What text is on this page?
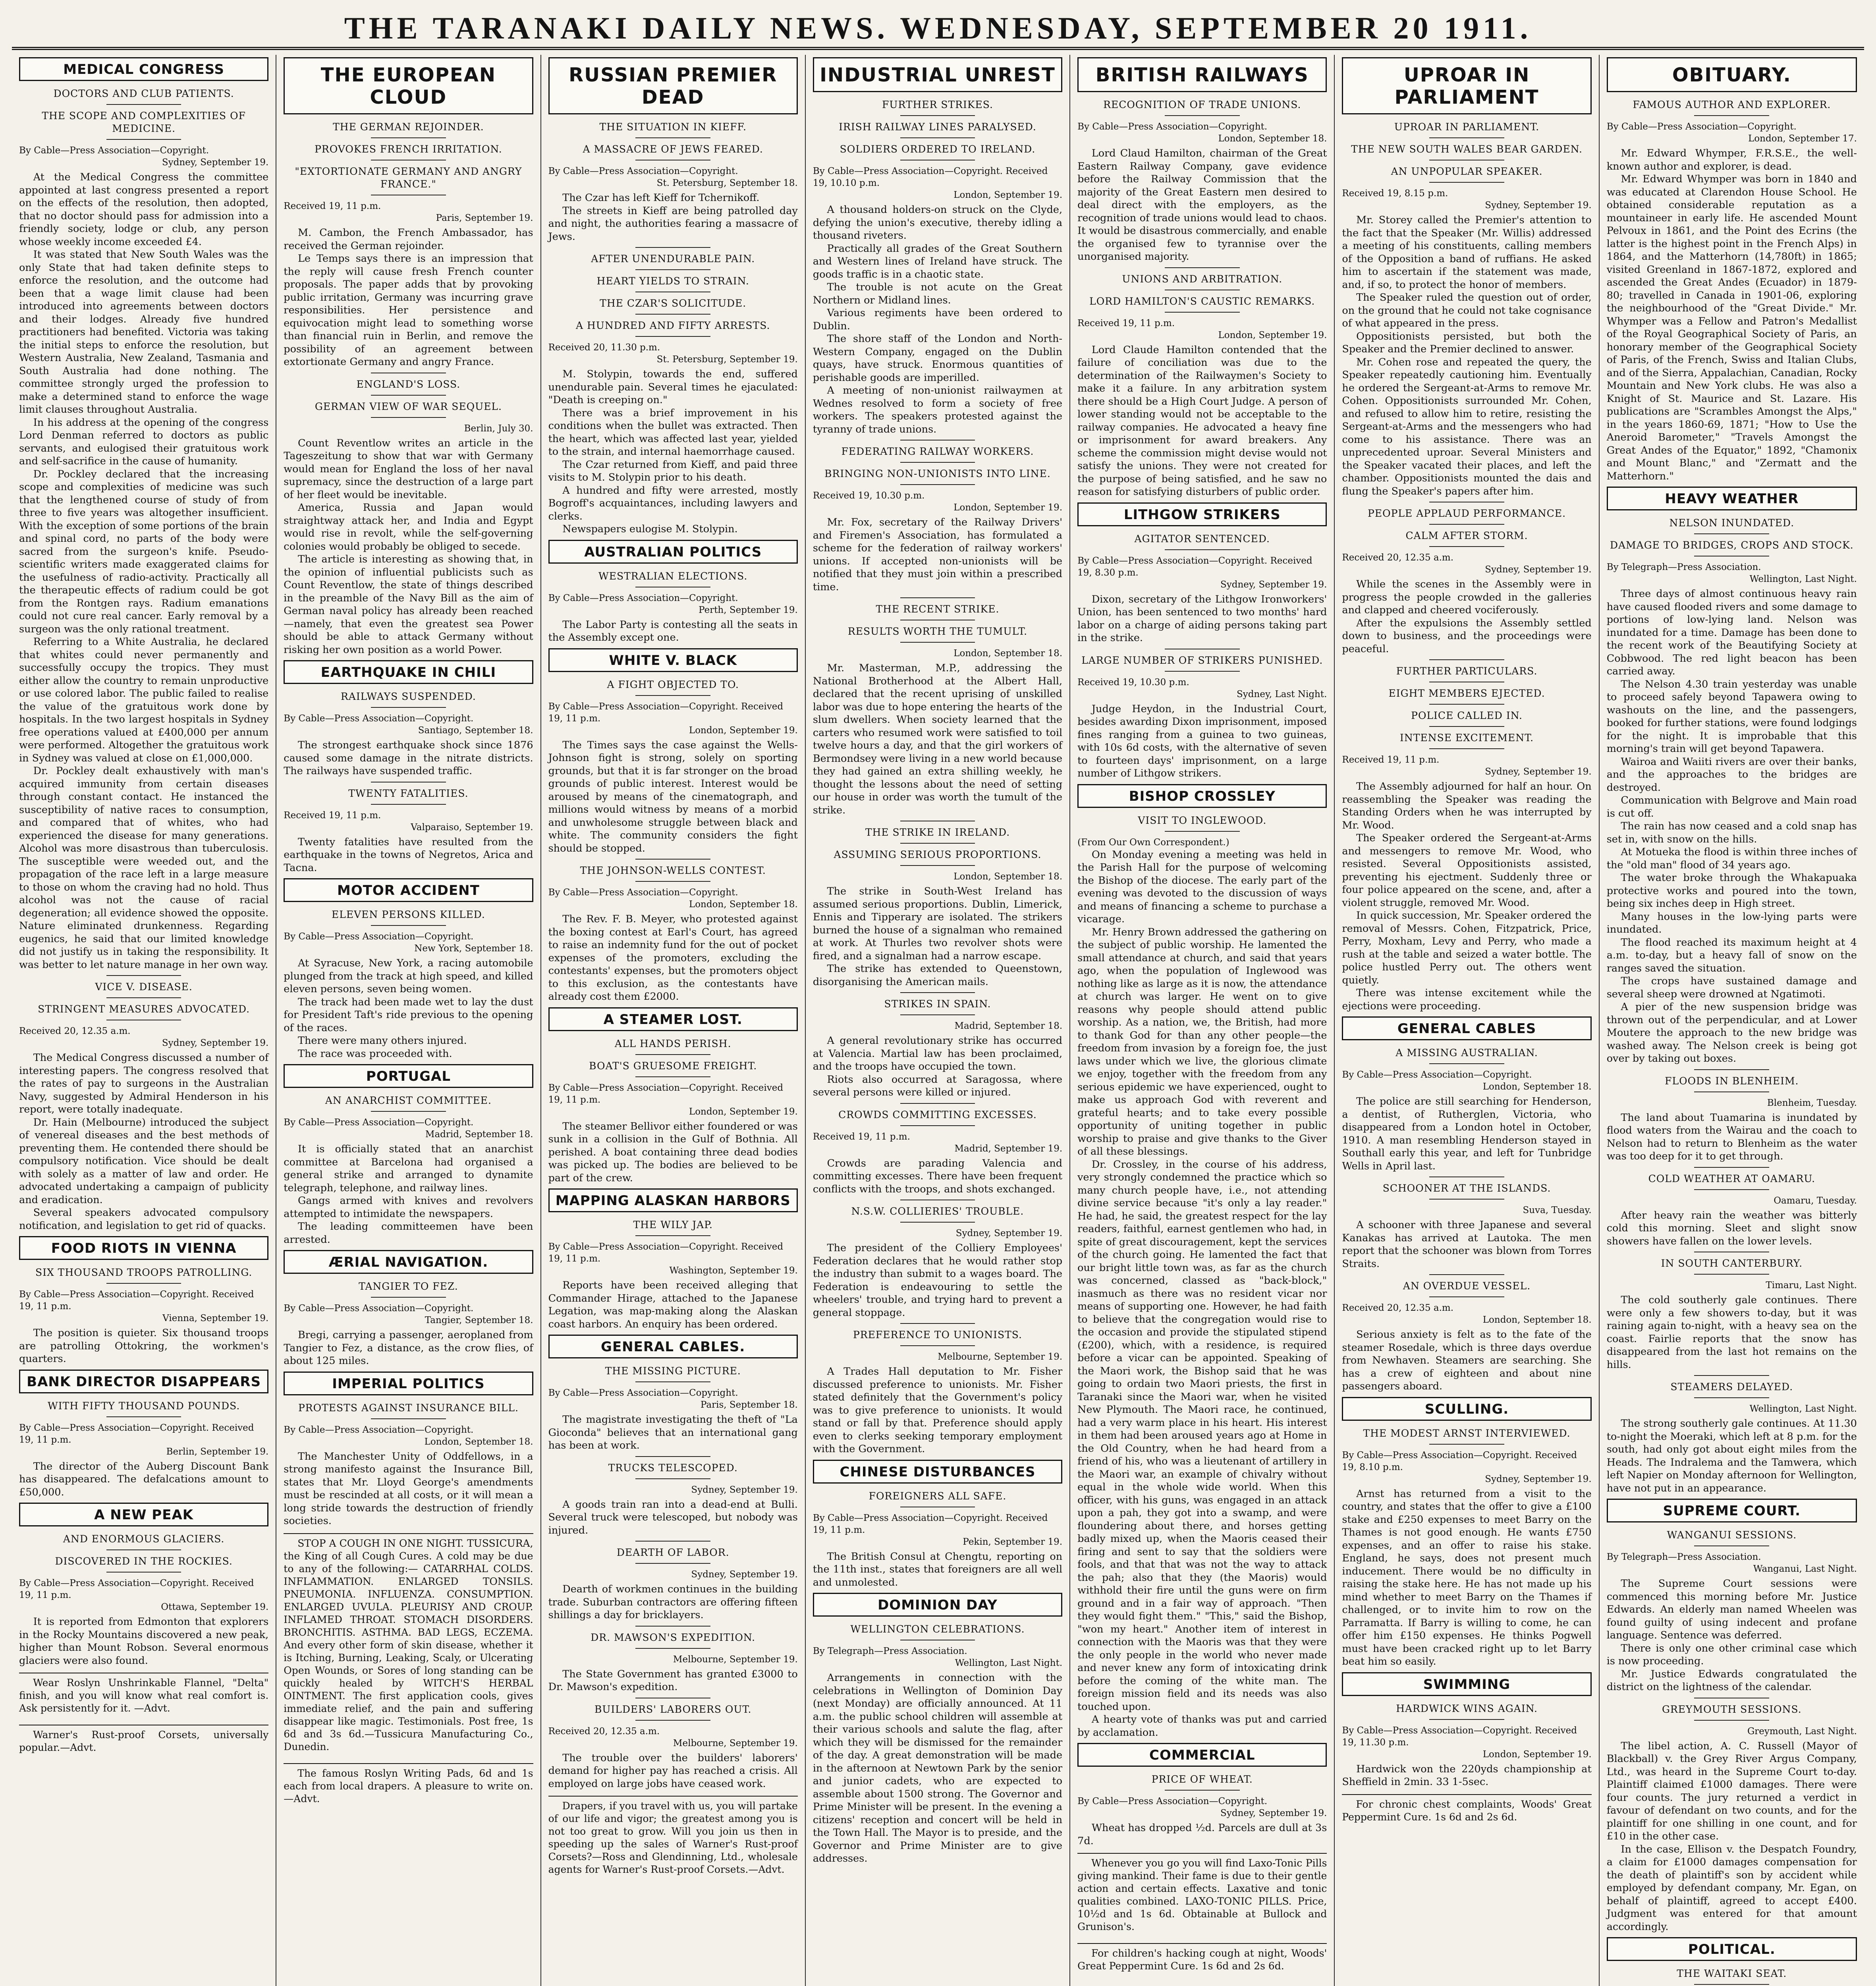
THE TARANAKI DAILY NEWS. WEDNESDAY, SEPTEMBER 20 1911.
MEDICAL CONGRESS
DOCTORS AND CLUB PATIENTS.
THE SCOPE AND COMPLEXITIES OF MEDICINE.
By Cable—Press Association—Copyright.
Sydney, September 19.

At the Medical Congress the committee appointed at last congress presented a report on the effects of the resolution, then adopted, that no doctor should pass for admission into a friendly society, lodge or club, any person whose weekly income exceeded £4.

It was stated that New South Wales was the only State that had taken definite steps to enforce the resolution, and the outcome had been that a wage limit clause had been introduced into agreements between doctors and their lodges. Already five hundred practitioners had benefited. Victoria was taking the initial steps to enforce the resolution, but Western Australia, New Zealand, Tasmania and South Australia had done nothing. The committee strongly urged the profession to make a determined stand to enforce the wage limit clauses throughout Australia.

In his address at the opening of the congress Lord Denman referred to doctors as public servants, and eulogised their gratuitous work and self-sacrifice in the cause of humanity.

Dr. Pockley declared that the increasing scope and complexities of medicine was such that the lengthened course of study of from three to five years was altogether insufficient. With the exception of some portions of the brain and spinal cord, no parts of the body were sacred from the surgeon's knife. Pseudo-scientific writers made exaggerated claims for the usefulness of radio-activity. Practically all the therapeutic effects of radium could be got from the Rontgen rays. Radium emanations could not cure real cancer. Early removal by a surgeon was the only rational treatment.

Referring to a White Australia, he declared that whites could never permanently and successfully occupy the tropics. They must either allow the country to remain unproductive or use colored labor. The public failed to realise the value of the gratuitous work done by hospitals. In the two largest hospitals in Sydney free operations valued at £400,000 per annum were performed. Altogether the gratuitous work in Sydney was valued at close on £1,000,000.

Dr. Pockley dealt exhaustively with man's acquired immunity from certain diseases through constant contact. He instanced the susceptibility of native races to consumption, and compared that of whites, who had experienced the disease for many generations. Alcohol was more disastrous than tuberculosis. The susceptible were weeded out, and the propagation of the race left in a large measure to those on whom the craving had no hold. Thus alcohol was not the cause of racial degeneration; all evidence showed the opposite. Nature eliminated drunkenness. Regarding eugenics, he said that our limited knowledge did not justify us in taking the responsibility. It was better to let nature manage in her own way.

VICE V. DISEASE.
STRINGENT MEASURES ADVOCATED.
Received 20, 12.35 a.m.
Sydney, September 19.

The Medical Congress discussed a number of interesting papers. The congress resolved that the rates of pay to surgeons in the Australian Navy, suggested by Admiral Henderson in his report, were totally inadequate.

Dr. Hain (Melbourne) introduced the subject of venereal diseases and the best methods of preventing them. He contended there should be compulsory notification. Vice should be dealt with solely as a matter of law and order. He advocated undertaking a campaign of publicity and eradication.

Several speakers advocated compulsory notification, and legislation to get rid of quacks.

FOOD RIOTS IN VIENNA
SIX THOUSAND TROOPS PATROLLING.
By Cable—Press Association—Copyright. Received 19, 11 p.m.
Vienna, September 19.

The position is quieter. Six thousand troops are patrolling Ottokring, the workmen's quarters.

BANK DIRECTOR DISAPPEARS
WITH FIFTY THOUSAND POUNDS.
By Cable—Press Association—Copyright. Received 19, 11 p.m.
Berlin, September 19.

The director of the Auberg Discount Bank has disappeared. The defalcations amount to £50,000.

A NEW PEAK
AND ENORMOUS GLACIERS.
DISCOVERED IN THE ROCKIES.
By Cable—Press Association—Copyright. Received 19, 11 p.m.
Ottawa, September 19.

It is reported from Edmonton that explorers in the Rocky Mountains discovered a new peak, higher than Mount Robson. Several enormous glaciers were also found.

Wear Roslyn Unshrinkable Flannel, "Delta" finish, and you will know what real comfort is. Ask persistently for it. —Advt.

Warner's Rust-proof Corsets, universally popular.—Advt.

THE EUROPEAN CLOUD
THE GERMAN REJOINDER.
PROVOKES FRENCH IRRITATION.
"EXTORTIONATE GERMANY AND ANGRY FRANCE."
Received 19, 11 p.m.
Paris, September 19.

M. Cambon, the French Ambassador, has received the German rejoinder.

Le Temps says there is an impression that the reply will cause fresh French counter proposals. The paper adds that by provoking public irritation, Germany was incurring grave responsibilities. Her persistence and equivocation might lead to something worse than financial ruin in Berlin, and remove the possibility of an agreement between extortionate Germany and angry France.

ENGLAND'S LOSS.
GERMAN VIEW OF WAR SEQUEL.
Berlin, July 30.

Count Reventlow writes an article in the Tageszeitung to show that war with Germany would mean for England the loss of her naval supremacy, since the destruction of a large part of her fleet would be inevitable.

America, Russia and Japan would straightway attack her, and India and Egypt would rise in revolt, while the self-governing colonies would probably be obliged to secede.

The article is interesting as showing that, in the opinion of influential publicists such as Count Reventlow, the state of things described in the preamble of the Navy Bill as the aim of German naval policy has already been reached—namely, that even the greatest sea Power should be able to attack Germany without risking her own position as a world Power.

EARTHQUAKE IN CHILI
RAILWAYS SUSPENDED.
By Cable—Press Association—Copyright.
Santiago, September 18.

The strongest earthquake shock since 1876 caused some damage in the nitrate districts. The railways have suspended traffic.

TWENTY FATALITIES.
Received 19, 11 p.m.
Valparaiso, September 19.

Twenty fatalities have resulted from the earthquake in the towns of Negretos, Arica and Tacna.

MOTOR ACCIDENT
ELEVEN PERSONS KILLED.
By Cable—Press Association—Copyright.
New York, September 18.

At Syracuse, New York, a racing automobile plunged from the track at high speed, and killed eleven persons, seven being women.

The track had been made wet to lay the dust for President Taft's ride previous to the opening of the races.

There were many others injured.

The race was proceeded with.

PORTUGAL
AN ANARCHIST COMMITTEE.
By Cable—Press Association—Copyright.
Madrid, September 18.

It is officially stated that an anarchist committee at Barcelona had organised a general strike and arranged to dynamite telegraph, telephone, and railway lines.

Gangs armed with knives and revolvers attempted to intimidate the newspapers.

The leading committeemen have been arrested.

ÆRIAL NAVIGATION.
TANGIER TO FEZ.
By Cable—Press Association—Copyright.
Tangier, September 18.

Bregi, carrying a passenger, aeroplaned from Tangier to Fez, a distance, as the crow flies, of about 125 miles.

IMPERIAL POLITICS
PROTESTS AGAINST INSURANCE BILL.
By Cable—Press Association—Copyright.
London, September 18.

The Manchester Unity of Oddfellows, in a strong manifesto against the Insurance Bill, states that Mr. Lloyd George's amendments must be rescinded at all costs, or it will mean a long stride towards the destruction of friendly societies.

STOP A COUGH IN ONE NIGHT. TUSSICURA, the King of all Cough Cures. A cold may be due to any of the following:— CATARRHAL COLDS. INFLAMMATION. ENLARGED TONSILS. PNEUMONIA. INFLUENZA. CONSUMPTION. ENLARGED UVULA. PLEURISY AND CROUP. INFLAMED THROAT. STOMACH DISORDERS. BRONCHITIS. ASTHMA. BAD LEGS, ECZEMA. And every other form of skin disease, whether it is Itching, Burning, Leaking, Scaly, or Ulcerating Open Wounds, or Sores of long standing can be quickly healed by WITCH'S HERBAL OINTMENT. The first application cools, gives immediate relief, and the pain and suffering disappear like magic. Testimonials. Post free, 1s 6d and 3s 6d.—Tussicura Manufacturing Co., Dunedin.

The famous Roslyn Writing Pads, 6d and 1s each from local drapers. A pleasure to write on.—Advt.

RUSSIAN PREMIER DEAD
THE SITUATION IN KIEFF.
A MASSACRE OF JEWS FEARED.
By Cable—Press Association—Copyright.
St. Petersburg, September 18.

The Czar has left Kieff for Tchernikoff.

The streets in Kieff are being patrolled day and night, the authorities fearing a massacre of Jews.

AFTER UNENDURABLE PAIN.
HEART YIELDS TO STRAIN.
THE CZAR'S SOLICITUDE.
A HUNDRED AND FIFTY ARRESTS.
Received 20, 11.30 p.m.
St. Petersburg, September 19.

M. Stolypin, towards the end, suffered unendurable pain. Several times he ejaculated: "Death is creeping on."

There was a brief improvement in his conditions when the bullet was extracted. Then the heart, which was affected last year, yielded to the strain, and internal haemorrhage caused.

The Czar returned from Kieff, and paid three visits to M. Stolypin prior to his death.

A hundred and fifty were arrested, mostly Bogroff's acquaintances, including lawyers and clerks.

Newspapers eulogise M. Stolypin.

AUSTRALIAN POLITICS
WESTRALIAN ELECTIONS.
By Cable—Press Association—Copyright.
Perth, September 19.

The Labor Party is contesting all the seats in the Assembly except one.

WHITE V. BLACK
A FIGHT OBJECTED TO.
By Cable—Press Association—Copyright. Received 19, 11 p.m.
London, September 19.

The Times says the case against the Wells-Johnson fight is strong, solely on sporting grounds, but that it is far stronger on the broad grounds of public interest. Interest would be aroused by means of the cinematograph, and millions would witness by means of a morbid and unwholesome struggle between black and white. The community considers the fight should be stopped.

THE JOHNSON-WELLS CONTEST.
By Cable—Press Association—Copyright.
London, September 18.

The Rev. F. B. Meyer, who protested against the boxing contest at Earl's Court, has agreed to raise an indemnity fund for the out of pocket expenses of the promoters, excluding the contestants' expenses, but the promoters object to this exclusion, as the contestants have already cost them £2000.

A STEAMER LOST.
ALL HANDS PERISH.
BOAT'S GRUESOME FREIGHT.
By Cable—Press Association—Copyright. Received 19, 11 p.m.
London, September 19.

The steamer Bellivor either foundered or was sunk in a collision in the Gulf of Bothnia. All perished. A boat containing three dead bodies was picked up. The bodies are believed to be part of the crew.

MAPPING ALASKAN HARBORS
THE WILY JAP.
By Cable—Press Association—Copyright. Received 19, 11 p.m.
Washington, September 19.

Reports have been received alleging that Commander Hirage, attached to the Japanese Legation, was map-making along the Alaskan coast harbors. An enquiry has been ordered.

GENERAL CABLES.
THE MISSING PICTURE.
By Cable—Press Association—Copyright.
Paris, September 18.

The magistrate investigating the theft of "La Gioconda" believes that an international gang has been at work.

TRUCKS TELESCOPED.
Sydney, September 19.

A goods train ran into a dead-end at Bulli. Several truck were telescoped, but nobody was injured.

DEARTH OF LABOR.
Sydney, September 19.

Dearth of workmen continues in the building trade. Suburban contractors are offering fifteen shillings a day for bricklayers.

DR. MAWSON'S EXPEDITION.
Melbourne, September 19.

The State Government has granted £3000 to Dr. Mawson's expedition.

BUILDERS' LABORERS OUT.
Received 20, 12.35 a.m.
Melbourne, September 19.

The trouble over the builders' laborers' demand for higher pay has reached a crisis. All employed on large jobs have ceased work.

Drapers, if you travel with us, you will partake of our life and vigor; the greatest among you is not too great to grow. Will you join us then in speeding up the sales of Warner's Rust-proof Corsets?—Ross and Glendinning, Ltd., wholesale agents for Warner's Rust-proof Corsets.—Advt.

INDUSTRIAL UNREST
FURTHER STRIKES.
IRISH RAILWAY LINES PARALYSED.
SOLDIERS ORDERED TO IRELAND.
By Cable—Press Association—Copyright. Received 19, 10.10 p.m.
London, September 19.

A thousand holders-on struck on the Clyde, defying the union's executive, thereby idling a thousand riveters.

Practically all grades of the Great Southern and Western lines of Ireland have struck. The goods traffic is in a chaotic state.

The trouble is not acute on the Great Northern or Midland lines.

Various regiments have been ordered to Dublin.

The shore staff of the London and North-Western Company, engaged on the Dublin quays, have struck. Enormous quantities of perishable goods are imperilled.

A meeting of non-unionist railwaymen at Wednes resolved to form a society of free workers. The speakers protested against the tyranny of trade unions.

FEDERATING RAILWAY WORKERS.
BRINGING NON-UNIONISTS INTO LINE.
Received 19, 10.30 p.m.
London, September 19.

Mr. Fox, secretary of the Railway Drivers' and Firemen's Association, has formulated a scheme for the federation of railway workers' unions. If accepted non-unionists will be notified that they must join within a prescribed time.

THE RECENT STRIKE.
RESULTS WORTH THE TUMULT.
London, September 18.

Mr. Masterman, M.P., addressing the National Brotherhood at the Albert Hall, declared that the recent uprising of unskilled labor was due to hope entering the hearts of the slum dwellers. When society learned that the carters who resumed work were satisfied to toil twelve hours a day, and that the girl workers of Bermondsey were living in a new world because they had gained an extra shilling weekly, he thought the lessons about the need of setting our house in order was worth the tumult of the strike.

THE STRIKE IN IRELAND.
ASSUMING SERIOUS PROPORTIONS.
London, September 18.

The strike in South-West Ireland has assumed serious proportions. Dublin, Limerick, Ennis and Tipperary are isolated. The strikers burned the house of a signalman who remained at work. At Thurles two revolver shots were fired, and a signalman had a narrow escape.

The strike has extended to Queenstown, disorganising the American mails.

STRIKES IN SPAIN.
Madrid, September 18.

A general revolutionary strike has occurred at Valencia. Martial law has been proclaimed, and the troops have occupied the town.

Riots also occurred at Saragossa, where several persons were killed or injured.

CROWDS COMMITTING EXCESSES.
Received 19, 11 p.m.
Madrid, September 19.

Crowds are parading Valencia and committing excesses. There have been frequent conflicts with the troops, and shots exchanged.

N.S.W. COLLIERIES' TROUBLE.
Sydney, September 19.

The president of the Colliery Employees' Federation declares that he would rather stop the industry than submit to a wages board. The Federation is endeavouring to settle the wheelers' trouble, and trying hard to prevent a general stoppage.

PREFERENCE TO UNIONISTS.
Melbourne, September 19.

A Trades Hall deputation to Mr. Fisher discussed preference to unionists. Mr. Fisher stated definitely that the Government's policy was to give preference to unionists. It would stand or fall by that. Preference should apply even to clerks seeking temporary employment with the Government.

CHINESE DISTURBANCES
FOREIGNERS ALL SAFE.
By Cable—Press Association—Copyright. Received 19, 11 p.m.
Pekin, September 19.

The British Consul at Chengtu, reporting on the 11th inst., states that foreigners are all well and unmolested.

DOMINION DAY
WELLINGTON CELEBRATIONS.
By Telegraph—Press Association.
Wellington, Last Night.

Arrangements in connection with the celebrations in Wellington of Dominion Day (next Monday) are officially announced. At 11 a.m. the public school children will assemble at their various schools and salute the flag, after which they will be dismissed for the remainder of the day. A great demonstration will be made in the afternoon at Newtown Park by the senior and junior cadets, who are expected to assemble about 1500 strong. The Governor and Prime Minister will be present. In the evening a citizens' reception and concert will be held in the Town Hall. The Mayor is to preside, and the Governor and Prime Minister are to give addresses.

BRITISH RAILWAYS
RECOGNITION OF TRADE UNIONS.
By Cable—Press Association—Copyright.
London, September 18.

Lord Claud Hamilton, chairman of the Great Eastern Railway Company, gave evidence before the Railway Commission that the majority of the Great Eastern men desired to deal direct with the employers, as the recognition of trade unions would lead to chaos. It would be disastrous commercially, and enable the organised few to tyrannise over the unorganised majority.

UNIONS AND ARBITRATION.
LORD HAMILTON'S CAUSTIC REMARKS.
Received 19, 11 p.m.
London, September 19.

Lord Claude Hamilton contended that the failure of conciliation was due to the determination of the Railwaymen's Society to make it a failure. In any arbitration system there should be a High Court Judge. A person of lower standing would not be acceptable to the railway companies. He advocated a heavy fine or imprisonment for award breakers. Any scheme the commission might devise would not satisfy the unions. They were not created for the purpose of being satisfied, and he saw no reason for satisfying disturbers of public order.

LITHGOW STRIKERS
AGITATOR SENTENCED.
By Cable—Press Association—Copyright. Received 19, 8.30 p.m.
Sydney, September 19.

Dixon, secretary of the Lithgow Ironworkers' Union, has been sentenced to two months' hard labor on a charge of aiding persons taking part in the strike.

LARGE NUMBER OF STRIKERS PUNISHED.
Received 19, 10.30 p.m.
Sydney, Last Night.

Judge Heydon, in the Industrial Court, besides awarding Dixon imprisonment, imposed fines ranging from a guinea to two guineas, with 10s 6d costs, with the alternative of seven to fourteen days' imprisonment, on a large number of Lithgow strikers.

BISHOP CROSSLEY
VISIT TO INGLEWOOD.
(From Our Own Correspondent.)

On Monday evening a meeting was held in the Parish Hall for the purpose of welcoming the Bishop of the diocese. The early part of the evening was devoted to the discussion of ways and means of financing a scheme to purchase a vicarage.

Mr. Henry Brown addressed the gathering on the subject of public worship. He lamented the small attendance at church, and said that years ago, when the population of Inglewood was nothing like as large as it is now, the attendance at church was larger. He went on to give reasons why people should attend public worship. As a nation, we, the British, had more to thank God for than any other people—the freedom from invasion by a foreign foe, the just laws under which we live, the glorious climate we enjoy, together with the freedom from any serious epidemic we have experienced, ought to make us approach God with reverent and grateful hearts; and to take every possible opportunity of uniting together in public worship to praise and give thanks to the Giver of all these blessings.

Dr. Crossley, in the course of his address, very strongly condemned the practice which so many church people have, i.e., not attending divine service because "it's only a lay reader." He had, he said, the greatest respect for the lay readers, faithful, earnest gentlemen who had, in spite of great discouragement, kept the services of the church going. He lamented the fact that our bright little town was, as far as the church was concerned, classed as "back-block," inasmuch as there was no resident vicar nor means of supporting one. However, he had faith to believe that the congregation would rise to the occasion and provide the stipulated stipend (£200), which, with a residence, is required before a vicar can be appointed. Speaking of the Maori work, the Bishop said that he was going to ordain two Maori priests, the first in Taranaki since the Maori war, when he visited New Plymouth. The Maori race, he continued, had a very warm place in his heart. His interest in them had been aroused years ago at Home in the Old Country, when he had heard from a friend of his, who was a lieutenant of artillery in the Maori war, an example of chivalry without equal in the whole wide world. When this officer, with his guns, was engaged in an attack upon a pah, they got into a swamp, and were floundering about there, and horses getting badly mixed up, when the Maoris ceased their firing and sent to say that the soldiers were fools, and that that was not the way to attack the pah; also that they (the Maoris) would withhold their fire until the guns were on firm ground and in a fair way of approach. "Then they would fight them." "This," said the Bishop, "won my heart." Another item of interest in connection with the Maoris was that they were the only people in the world who never made and never knew any form of intoxicating drink before the coming of the white man. The foreign mission field and its needs was also touched upon.

A hearty vote of thanks was put and carried by acclamation.

COMMERCIAL
PRICE OF WHEAT.
By Cable—Press Association—Copyright.
Sydney, September 19.

Wheat has dropped ½d. Parcels are dull at 3s 7d.

Whenever you go you will find Laxo-Tonic Pills giving mankind. Their fame is due to their gentle action and certain effects. Laxative and tonic qualities combined. LAXO-TONIC PILLS. Price, 10½d and 1s 6d. Obtainable at Bullock and Grunison's.

For children's hacking cough at night, Woods' Great Peppermint Cure. 1s 6d and 2s 6d.

UPROAR IN PARLIAMENT
UPROAR IN PARLIAMENT.
THE NEW SOUTH WALES BEAR GARDEN.
AN UNPOPULAR SPEAKER.
Received 19, 8.15 p.m.
Sydney, September 19.

Mr. Storey called the Premier's attention to the fact that the Speaker (Mr. Willis) addressed a meeting of his constituents, calling members of the Opposition a band of ruffians. He asked him to ascertain if the statement was made, and, if so, to protect the honor of members.

The Speaker ruled the question out of order, on the ground that he could not take cognisance of what appeared in the press.

Oppositionists persisted, but both the Speaker and the Premier declined to answer.

Mr. Cohen rose and repeated the query, the Speaker repeatedly cautioning him. Eventually he ordered the Sergeant-at-Arms to remove Mr. Cohen. Oppositionists surrounded Mr. Cohen, and refused to allow him to retire, resisting the Sergeant-at-Arms and the messengers who had come to his assistance. There was an unprecedented uproar. Several Ministers and the Speaker vacated their places, and left the chamber. Oppositionists mounted the dais and flung the Speaker's papers after him.

PEOPLE APPLAUD PERFORMANCE.
CALM AFTER STORM.
Received 20, 12.35 a.m.
Sydney, September 19.

While the scenes in the Assembly were in progress the people crowded in the galleries and clapped and cheered vociferously.

After the expulsions the Assembly settled down to business, and the proceedings were peaceful.

FURTHER PARTICULARS.
EIGHT MEMBERS EJECTED.
POLICE CALLED IN.
INTENSE EXCITEMENT.
Received 19, 11 p.m.
Sydney, September 19.

The Assembly adjourned for half an hour. On reassembling the Speaker was reading the Standing Orders when he was interrupted by Mr. Wood.

The Speaker ordered the Sergeant-at-Arms and messengers to remove Mr. Wood, who resisted. Several Oppositionists assisted, preventing his ejectment. Suddenly three or four police appeared on the scene, and, after a violent struggle, removed Mr. Wood.

In quick succession, Mr. Speaker ordered the removal of Messrs. Cohen, Fitzpatrick, Price, Perry, Moxham, Levy and Perry, who made a rush at the table and seized a water bottle. The police hustled Perry out. The others went quietly.

There was intense excitement while the ejections were proceeding.

GENERAL CABLES
A MISSING AUSTRALIAN.
By Cable—Press Association—Copyright.
London, September 18.

The police are still searching for Henderson, a dentist, of Rutherglen, Victoria, who disappeared from a London hotel in October, 1910. A man resembling Henderson stayed in Southall early this year, and left for Tunbridge Wells in April last.

SCHOONER AT THE ISLANDS.
Suva, Tuesday.

A schooner with three Japanese and several Kanakas has arrived at Lautoka. The men report that the schooner was blown from Torres Straits.

AN OVERDUE VESSEL.
Received 20, 12.35 a.m.
London, September 18.

Serious anxiety is felt as to the fate of the steamer Rosedale, which is three days overdue from Newhaven. Steamers are searching. She has a crew of eighteen and about nine passengers aboard.

SCULLING.
THE MODEST ARNST INTERVIEWED.
By Cable—Press Association—Copyright. Received 19, 8.10 p.m.
Sydney, September 19.

Arnst has returned from a visit to the country, and states that the offer to give a £100 stake and £250 expenses to meet Barry on the Thames is not good enough. He wants £750 expenses, and an offer to raise his stake. England, he says, does not present much inducement. There would be no difficulty in raising the stake here. He has not made up his mind whether to meet Barry on the Thames if challenged, or to invite him to row on the Parramatta. If Barry is willing to come, he can offer him £150 expenses. He thinks Pogwell must have been cracked right up to let Barry beat him so easily.

SWIMMING
HARDWICK WINS AGAIN.
By Cable—Press Association—Copyright. Received 19, 11.30 p.m.
London, September 19.

Hardwick won the 220yds championship at Sheffield in 2min. 33 1-5sec.

For chronic chest complaints, Woods' Great Peppermint Cure. 1s 6d and 2s 6d.

OBITUARY.
FAMOUS AUTHOR AND EXPLORER.
By Cable—Press Association—Copyright.
London, September 17.

Mr. Edward Whymper, F.R.S.E., the well-known author and explorer, is dead.

Mr. Edward Whymper was born in 1840 and was educated at Clarendon House School. He obtained considerable reputation as a mountaineer in early life. He ascended Mount Pelvoux in 1861, and the Point des Ecrins (the latter is the highest point in the French Alps) in 1864, and the Matterhorn (14,780ft) in 1865; visited Greenland in 1867-1872, explored and ascended the Great Andes (Ecuador) in 1879-80; travelled in Canada in 1901-06, exploring the neighbourhood of the "Great Divide." Mr. Whymper was a Fellow and Patron's Medallist of the Royal Geographical Society of Paris, an honorary member of the Geographical Society of Paris, of the French, Swiss and Italian Clubs, and of the Sierra, Appalachian, Canadian, Rocky Mountain and New York clubs. He was also a Knight of St. Maurice and St. Lazare. His publications are "Scrambles Amongst the Alps," in the years 1860-69, 1871; "How to Use the Aneroid Barometer," "Travels Amongst the Great Andes of the Equator," 1892, "Chamonix and Mount Blanc," and "Zermatt and the Matterhorn."

HEAVY WEATHER
NELSON INUNDATED.
DAMAGE TO BRIDGES, CROPS AND STOCK.
By Telegraph—Press Association.
Wellington, Last Night.

Three days of almost continuous heavy rain have caused flooded rivers and some damage to portions of low-lying land. Nelson was inundated for a time. Damage has been done to the recent work of the Beautifying Society at Cobbwood. The red light beacon has been carried away.

The Nelson 4.30 train yesterday was unable to proceed safely beyond Tapawera owing to washouts on the line, and the passengers, booked for further stations, were found lodgings for the night. It is improbable that this morning's train will get beyond Tapawera.

Wairoa and Waiiti rivers are over their banks, and the approaches to the bridges are destroyed.

Communication with Belgrove and Main road is cut off.

The rain has now ceased and a cold snap has set in, with snow on the hills.

At Motueka the flood is within three inches of the "old man" flood of 34 years ago.

The water broke through the Whakapuaka protective works and poured into the town, being six inches deep in High street.

Many houses in the low-lying parts were inundated.

The flood reached its maximum height at 4 a.m. to-day, but a heavy fall of snow on the ranges saved the situation.

The crops have sustained damage and several sheep were drowned at Ngatimoti.

A pier of the new suspension bridge was thrown out of the perpendicular, and at Lower Moutere the approach to the new bridge was washed away. The Nelson creek is being got over by taking out boxes.

FLOODS IN BLENHEIM.
Blenheim, Tuesday.

The land about Tuamarina is inundated by flood waters from the Wairau and the coach to Nelson had to return to Blenheim as the water was too deep for it to get through.

COLD WEATHER AT OAMARU.
Oamaru, Tuesday.

After heavy rain the weather was bitterly cold this morning. Sleet and slight snow showers have fallen on the lower levels.

IN SOUTH CANTERBURY.
Timaru, Last Night.

The cold southerly gale continues. There were only a few showers to-day, but it was raining again to-night, with a heavy sea on the coast. Fairlie reports that the snow has disappeared from the last hot remains on the hills.

STEAMERS DELAYED.
Wellington, Last Night.

The strong southerly gale continues. At 11.30 to-night the Moeraki, which left at 8 p.m. for the south, had only got about eight miles from the Heads. The Indralema and the Tamwera, which left Napier on Monday afternoon for Wellington, have not put in an appearance.

SUPREME COURT.
WANGANUI SESSIONS.
By Telegraph—Press Association.
Wanganui, Last Night.

The Supreme Court sessions were commenced this morning before Mr. Justice Edwards. An elderly man named Wheelen was found guilty of using indecent and profane language. Sentence was deferred.

There is only one other criminal case which is now proceeding.

Mr. Justice Edwards congratulated the district on the lightness of the calendar.

GREYMOUTH SESSIONS.
Greymouth, Last Night.

The libel action, A. C. Russell (Mayor of Blackball) v. the Grey River Argus Company, Ltd., was heard in the Supreme Court to-day. Plaintiff claimed £1000 damages. There were four counts. The jury returned a verdict in favour of defendant on two counts, and for the plaintiff for one shilling in one count, and for £10 in the other case.

In the case, Ellison v. the Despatch Foundry, a claim for £1000 damages compensation for the death of plaintiff's son by accident while employed by defendant company, Mr. Egan, on behalf of plaintiff, agreed to accept £400. Judgment was entered for that amount accordingly.

POLITICAL.
THE WAITAKI SEAT.
